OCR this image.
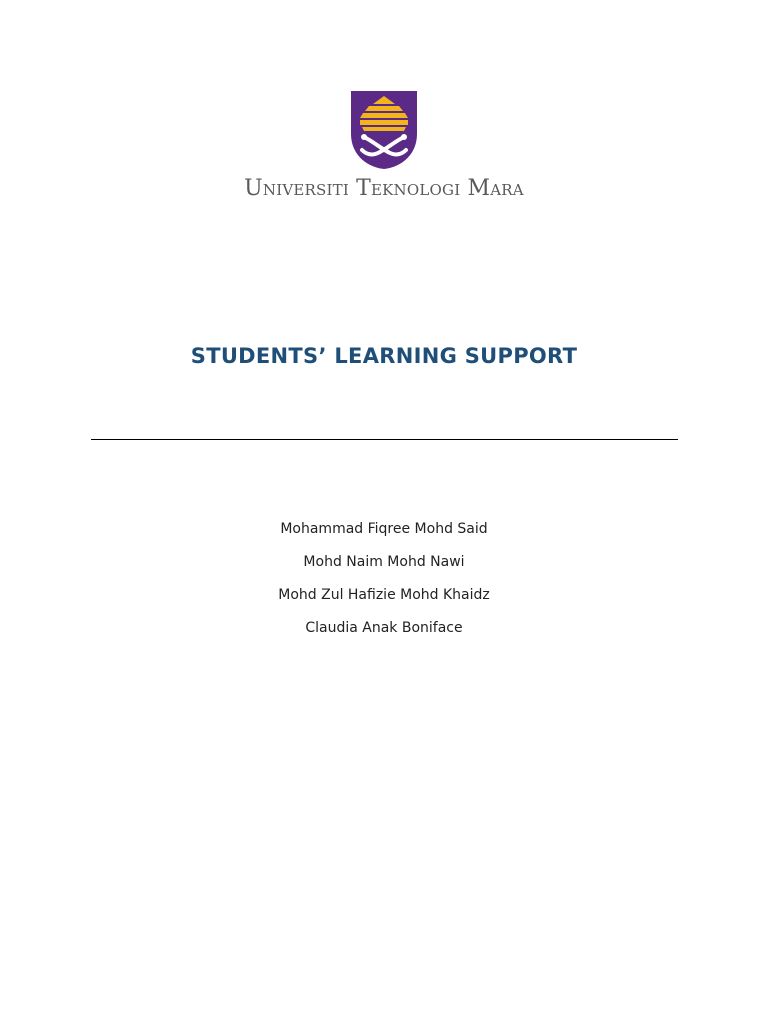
Universiti Teknologi Mara
STUDENTS’ LEARNING SUPPORT
Mohammad Fiqree Mohd Said
Mohd Naim Mohd Nawi
Mohd Zul Hafizie Mohd Khaidz
Claudia Anak Boniface
